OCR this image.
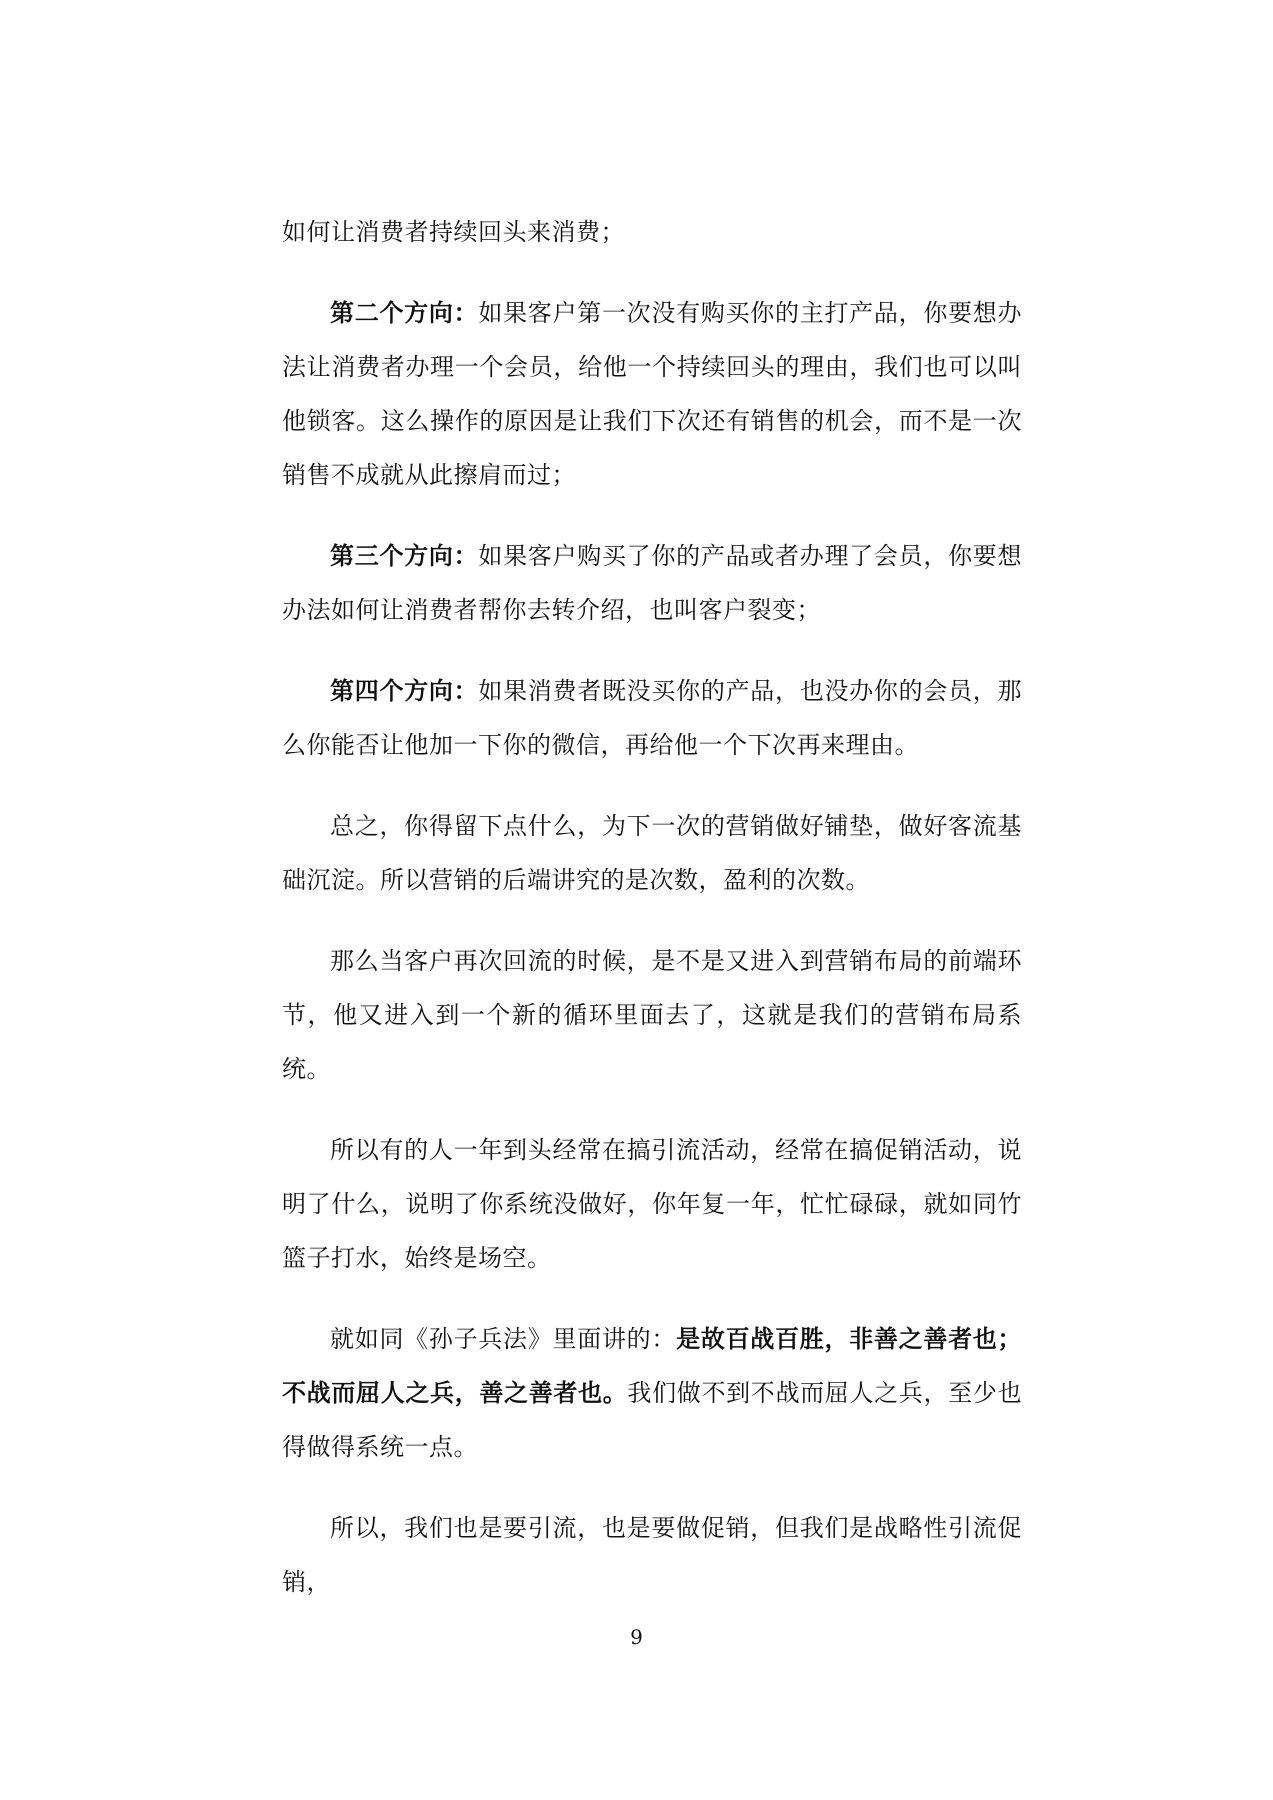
如何让消费者持续回头来消费；

第二个方向：如果客户第一次没有购买你的主打产品，你要想办法让消费者办理一个会员，给他一个持续回头的理由，我们也可以叫他锁客。这么操作的原因是让我们下次还有销售的机会，而不是一次销售不成就从此擦肩而过；

第三个方向：如果客户购买了你的产品或者办理了会员，你要想办法如何让消费者帮你去转介绍，也叫客户裂变；

第四个方向：如果消费者既没买你的产品，也没办你的会员，那么你能否让他加一下你的微信，再给他一个下次再来理由。

总之，你得留下点什么，为下一次的营销做好铺垫，做好客流基础沉淀。所以营销的后端讲究的是次数，盈利的次数。

那么当客户再次回流的时候，是不是又进入到营销布局的前端环节，他又进入到一个新的循环里面去了，这就是我们的营销布局系统。

所以有的人一年到头经常在搞引流活动，经常在搞促销活动，说明了什么，说明了你系统没做好，你年复一年，忙忙碌碌，就如同竹篮子打水，始终是场空。

就如同《孙子兵法》里面讲的：是故百战百胜，非善之善者也；不战而屈人之兵，善之善者也。我们做不到不战而屈人之兵，至少也得做得系统一点。

所以，我们也是要引流，也是要做促销，但我们是战略性引流促销，

9
